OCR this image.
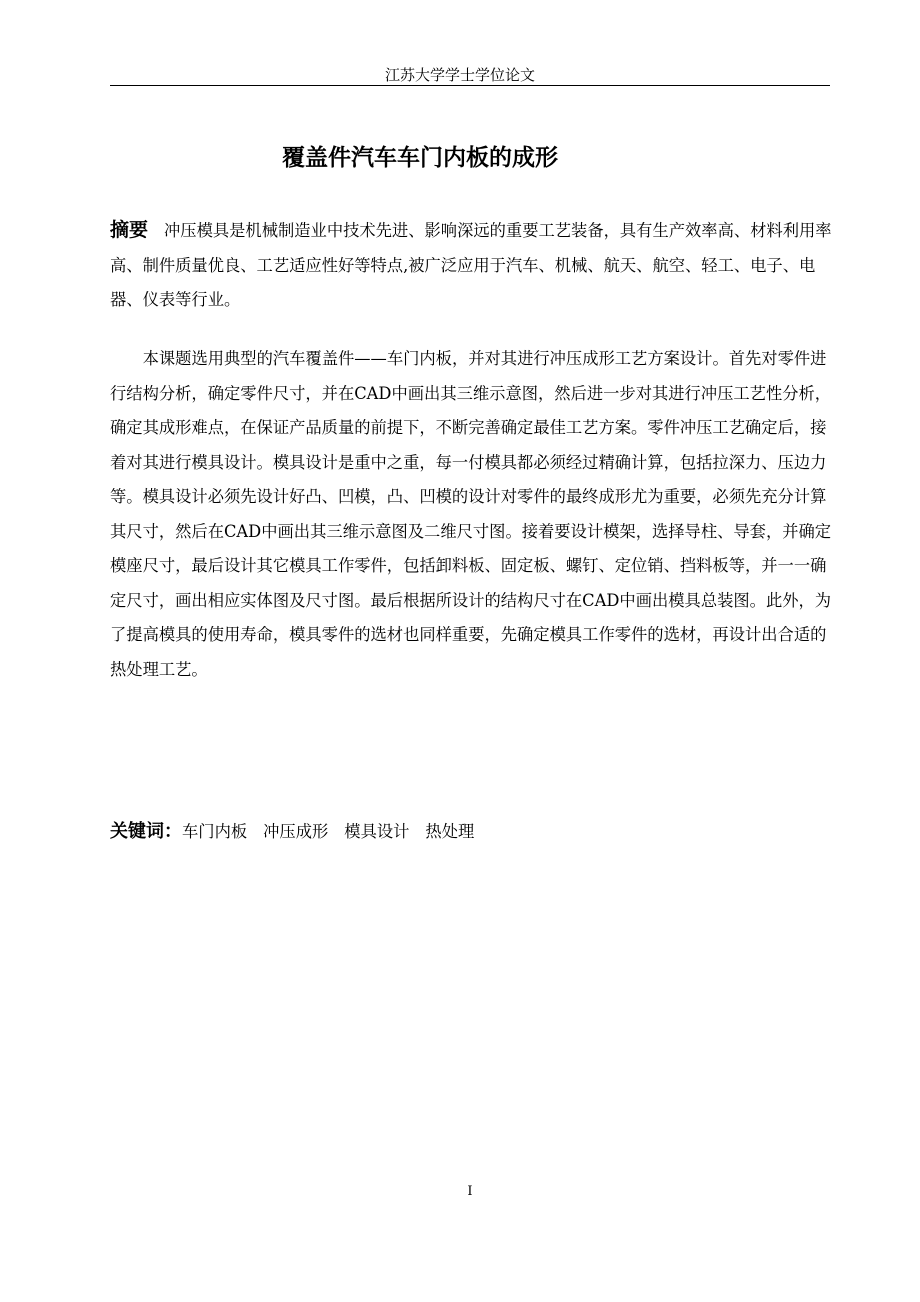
江苏大学学士学位论文
覆盖件汽车车门内板的成形
摘要 冲压模具是机械制造业中技术先进、影响深远的重要工艺装备，具有生产效率高、材料利用率高、制件质量优良、工艺适应性好等特点,被广泛应用于汽车、机械、航天、航空、轻工、电子、电器、仪表等行业。

本课题选用典型的汽车覆盖件——车门内板，并对其进行冲压成形工艺方案设计。首先对零件进行结构分析，确定零件尺寸，并在CAD中画出其三维示意图，然后进一步对其进行冲压工艺性分析，确定其成形难点，在保证产品质量的前提下，不断完善确定最佳工艺方案。零件冲压工艺确定后，接着对其进行模具设计。模具设计是重中之重，每一付模具都必须经过精确计算，包括拉深力、压边力等。模具设计必须先设计好凸、凹模，凸、凹模的设计对零件的最终成形尤为重要，必须先充分计算其尺寸，然后在CAD中画出其三维示意图及二维尺寸图。接着要设计模架，选择导柱、导套，并确定模座尺寸，最后设计其它模具工作零件，包括卸料板、固定板、螺钉、定位销、挡料板等，并一一确定尺寸，画出相应实体图及尺寸图。最后根据所设计的结构尺寸在CAD中画出模具总装图。此外，为了提高模具的使用寿命，模具零件的选材也同样重要，先确定模具工作零件的选材，再设计出合适的热处理工艺。

关键词：车门内板 冲压成形 模具设计 热处理
I
